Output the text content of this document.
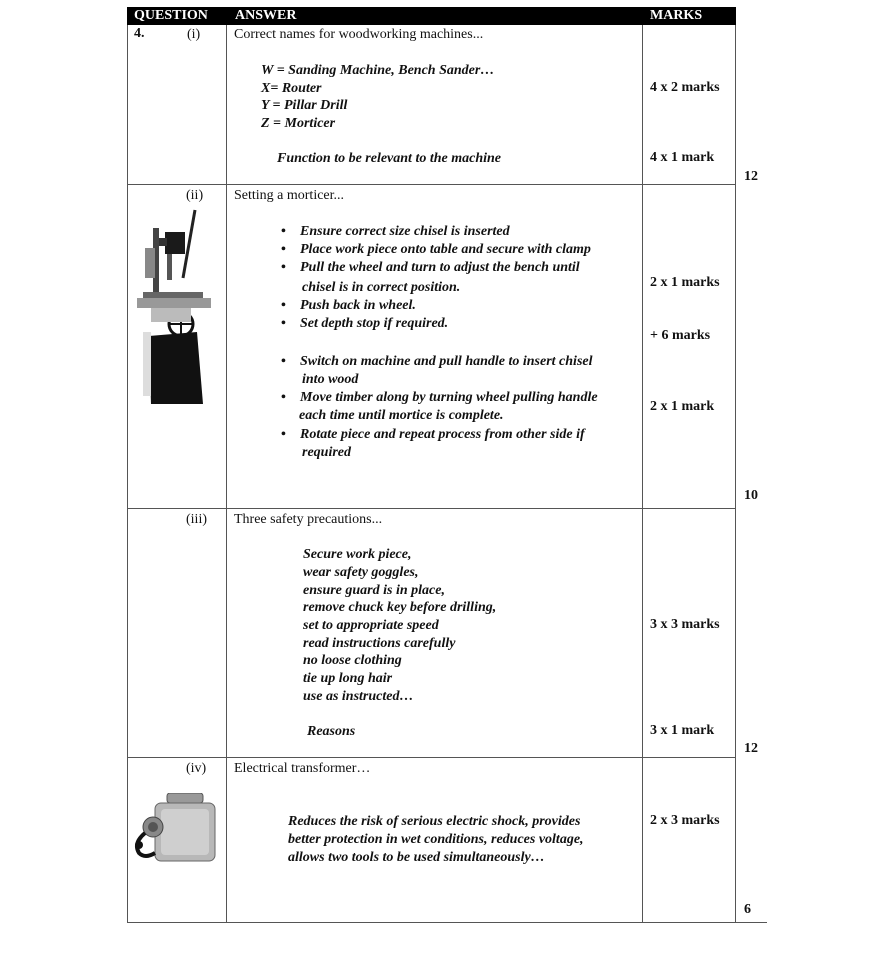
QUESTION ANSWER	MARKS
4.	(i) Correct names for woodworking machines...
W = Sanding Machine, Bench Sander…
X= Router
Y = Pillar Drill
Z = Morticer
Function to be relevant to the machine
4 x 2 marks
4 x 1 mark
12
(ii) Setting a morticer...
• Ensure correct size chisel is inserted
• Place work piece onto table and secure with clamp
• Pull the wheel and turn to adjust the bench until
chisel is in correct position.
• Push back in wheel.
• Set depth stop if required.
• Switch on machine and pull handle to insert chisel
into wood
• Move timber along by turning wheel pulling handle
each time until mortice is complete.
• Rotate piece and repeat process from other side if
required
2 x 1 marks
+ 6 marks
2 x 1 mark
10
(iii) Three safety precautions...
Secure work piece,
wear safety goggles,
ensure guard is in place,
remove chuck key before drilling,
set to appropriate speed
read instructions carefully
no loose clothing
tie up long hair
use as instructed…
Reasons
3 x 3 marks
3 x 1 mark
12
(iv) Electrical transformer…
Reduces the risk of serious electric shock, provides
better protection in wet conditions, reduces voltage,
allows two tools to be used simultaneously…
2 x 3 marks
6
